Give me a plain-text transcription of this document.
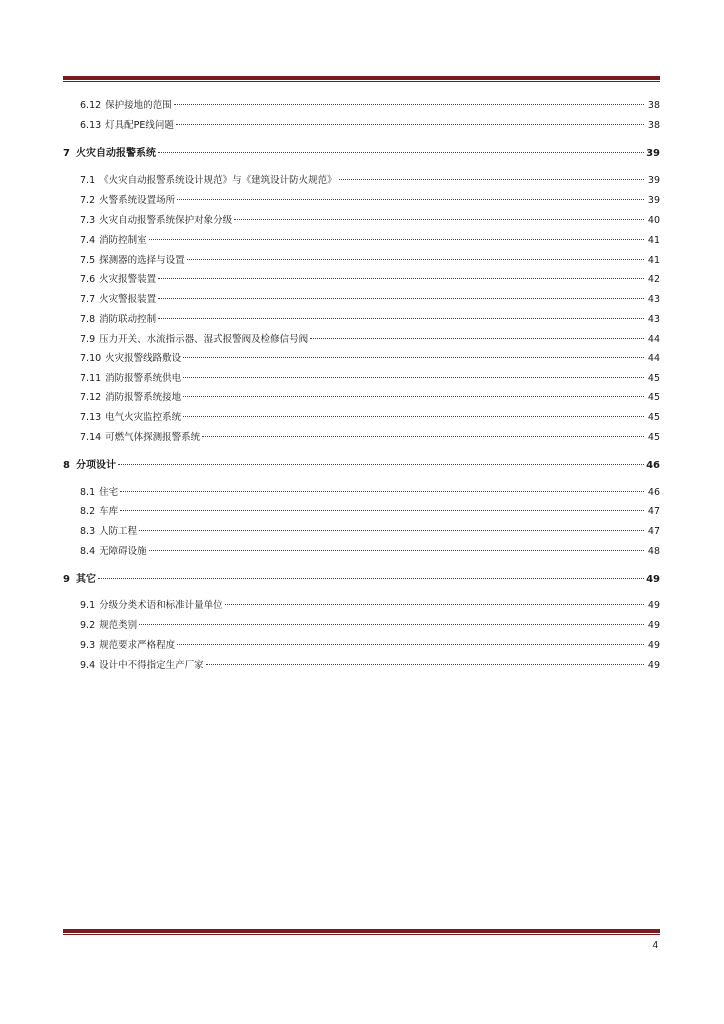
6.12 保护接地的范围	38
6.13 灯具配PE线问题	38
7 火灾自动报警系统	39
7.1 《火灾自动报警系统设计规范》与《建筑设计防火规范》	39
7.2 火警系统设置场所	39
7.3 火灾自动报警系统保护对象分级	40
7.4 消防控制室	41
7.5 探测器的选择与设置	41
7.6 火灾报警装置	42
7.7 火灾警报装置	43
7.8 消防联动控制	43
7.9 压力开关、水流指示器、湿式报警阀及检修信号阀	44
7.10 火灾报警线路敷设	44
7.11 消防报警系统供电	45
7.12 消防报警系统接地	45
7.13 电气火灾监控系统	45
7.14 可燃气体探测报警系统	45
8 分项设计	46
8.1 住宅	46
8.2 车库	47
8.3 人防工程	47
8.4 无障碍设施	48
9 其它	49
9.1 分级分类术语和标准计量单位	49
9.2 规范类别	49
9.3 规范要求严格程度	49
9.4 设计中不得指定生产厂家	49
4
